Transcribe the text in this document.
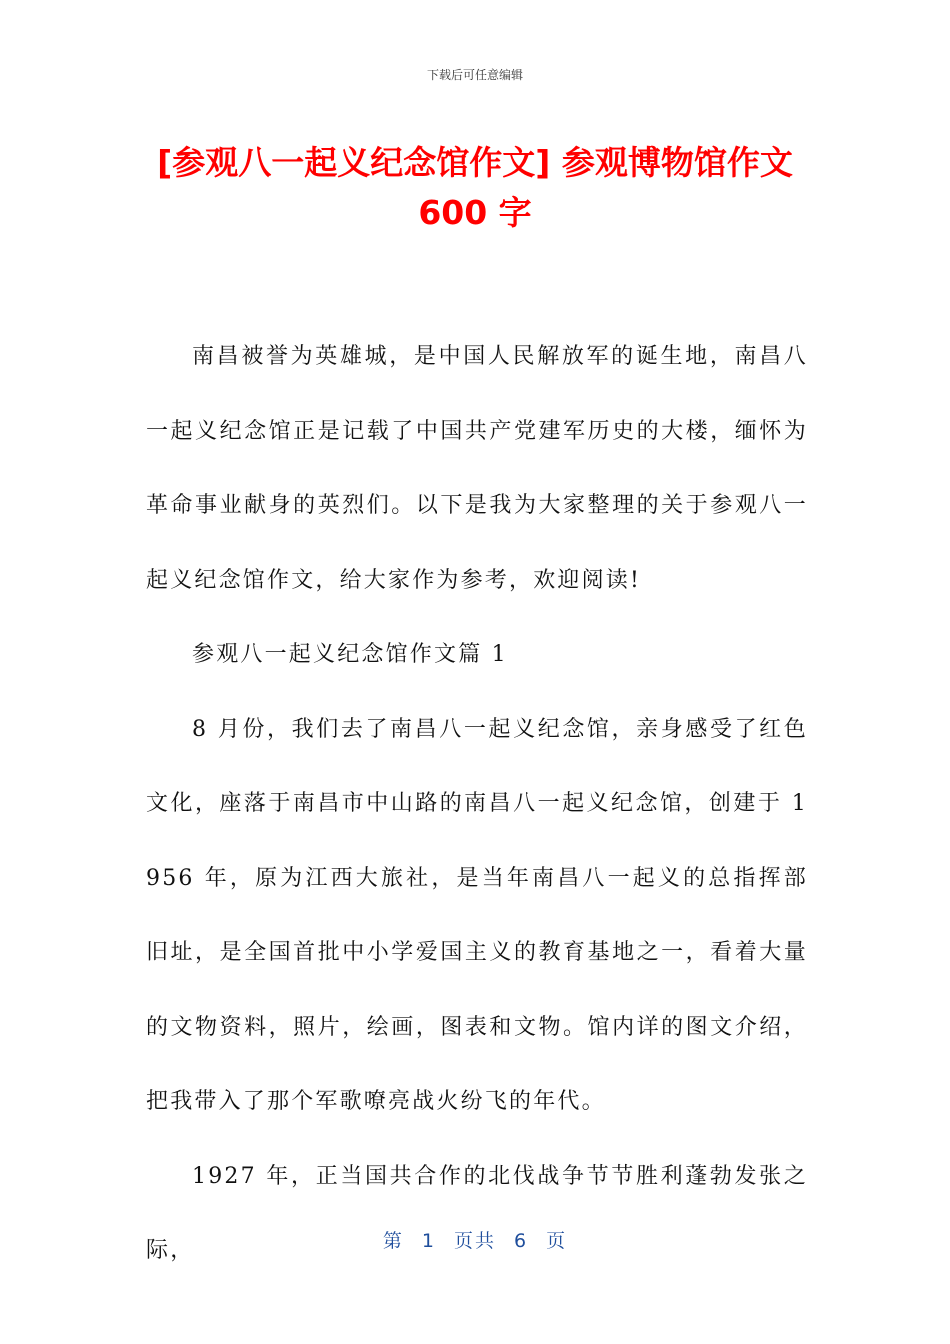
下载后可任意编辑
[参观八一起义纪念馆作文] 参观博物馆作文 600 字

南昌被誉为英雄城，是中国人民解放军的诞生地，南昌八一起义纪念馆正是记载了中国共产党建军历史的大楼，缅怀为革命事业献身的英烈们。以下是我为大家整理的关于参观八一起义纪念馆作文，给大家作为参考，欢迎阅读!

参观八一起义纪念馆作文篇 1

8 月份，我们去了南昌八一起义纪念馆，亲身感受了红色文化，座落于南昌市中山路的南昌八一起义纪念馆，创建于 1956 年，原为江西大旅社，是当年南昌八一起义的总指挥部旧址，是全国首批中小学爱国主义的教育基地之一，看着大量的文物资料，照片，绘画，图表和文物。馆内详的图文介绍，把我带入了那个军歌嘹亮战火纷飞的年代。

1927 年，正当国共合作的北伐战争节节胜利蓬勃发张之际，	第 1 页共 6 页
